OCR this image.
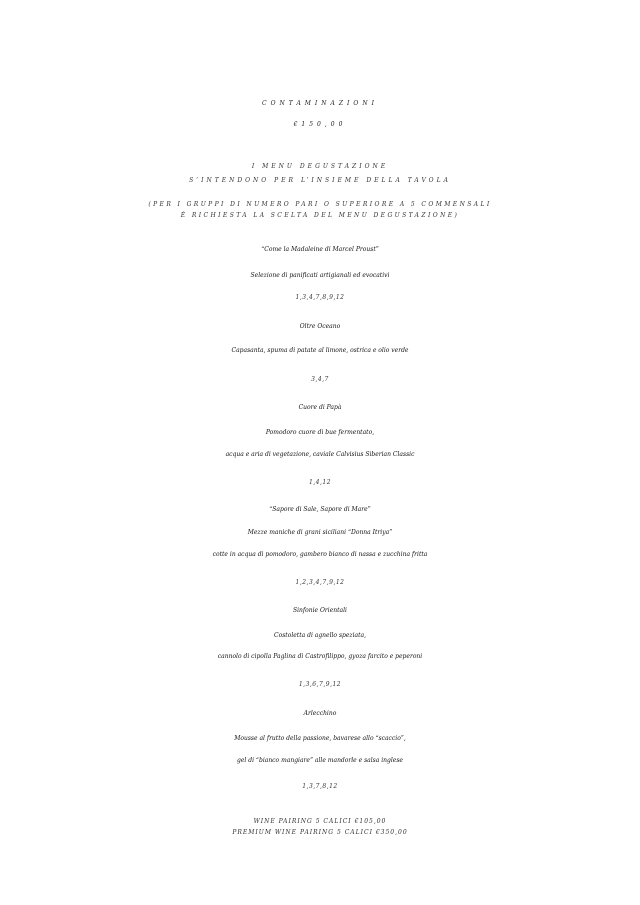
CONTAMINAZIONI
€150,00
I MENU DEGUSTAZIONE
S’INTENDONO PER L’INSIEME DELLA TAVOLA
(PER I GRUPPI DI NUMERO PARI O SUPERIORE A 5 COMMENSALI
È RICHIESTA LA SCELTA DEL MENU DEGUSTAZIONE)
“Come la Madaleine di Marcel Proust”
Selezione di panificati artigianali ed evocativi
1,3,4,7,8,9,12
Oltre Oceano
Capasanta, spuma di patate al limone, ostrica e olio verde
3,4,7
Cuore di Papà
Pomodoro cuore di bue fermentato,
acqua e aria di vegetazione, caviale Calvisius Siberian Classic
1,4,12
“Sapore di Sale, Sapore di Mare”
Mezze maniche di grani siciliani “Donna Itriya”
cotte in acqua di pomodoro, gambero bianco di nassa e zucchina fritta
1,2,3,4,7,9,12
Sinfonie Orientali
Costoletta di agnello speziata,
cannolo di cipolla Paglina di Castrofilippo, gyoza farcito e peperoni
1,3,6,7,9,12
Arlecchino
Mousse al frutto della passione, bavarese allo “scaccio”,
gel di “bianco mangiare” alle mandorle e salsa inglese
1,3,7,8,12
WINE PAIRING 5 CALICI €105,00
PREMIUM WINE PAIRING 5 CALICI €350,00
